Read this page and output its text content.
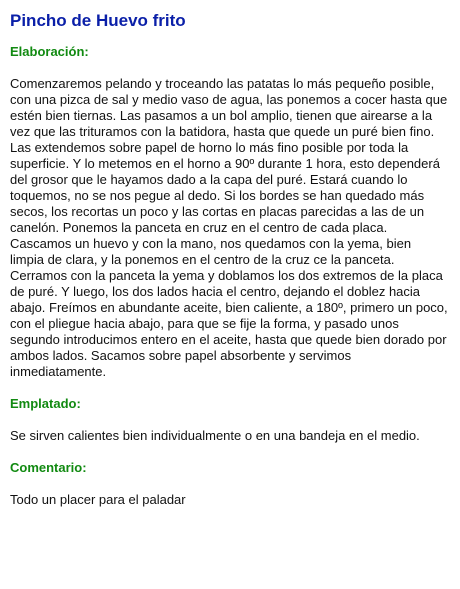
Pincho de Huevo frito
Elaboración:

Comenzaremos pelando y troceando las patatas lo más pequeño posible, con una pizca de sal y medio vaso de agua, las ponemos a cocer hasta que estén bien tiernas. Las pasamos a un bol amplio, tienen que airearse a la vez que las trituramos con la batidora, hasta que quede un puré bien fino. Las extendemos sobre papel de horno lo más fino posible por toda la superficie. Y lo metemos en el horno a 90º durante 1 hora, esto dependerá del grosor que le hayamos dado a la capa del puré. Estará cuando lo toquemos, no se nos pegue al dedo. Si los bordes se han quedado más secos, los recortas un poco y las cortas en placas parecidas a las de un canelón. Ponemos la panceta en cruz en el centro de cada placa. Cascamos un huevo y con la mano, nos quedamos con la yema, bien limpia de clara, y la ponemos en el centro de la cruz ce la panceta. Cerramos con la panceta la yema y doblamos los dos extremos de la placa de puré. Y luego, los dos lados hacia el centro, dejando el doblez hacia abajo. Freímos en abundante aceite, bien caliente, a 180º, primero un poco, con el pliegue hacia abajo, para que se fije la forma, y pasado unos segundo introducimos entero en el aceite, hasta que quede bien dorado por ambos lados. Sacamos sobre papel absorbente y servimos inmediatamente.

Emplatado:

Se sirven calientes bien individualmente o en una bandeja en el medio.

Comentario:

Todo un placer para el paladar
